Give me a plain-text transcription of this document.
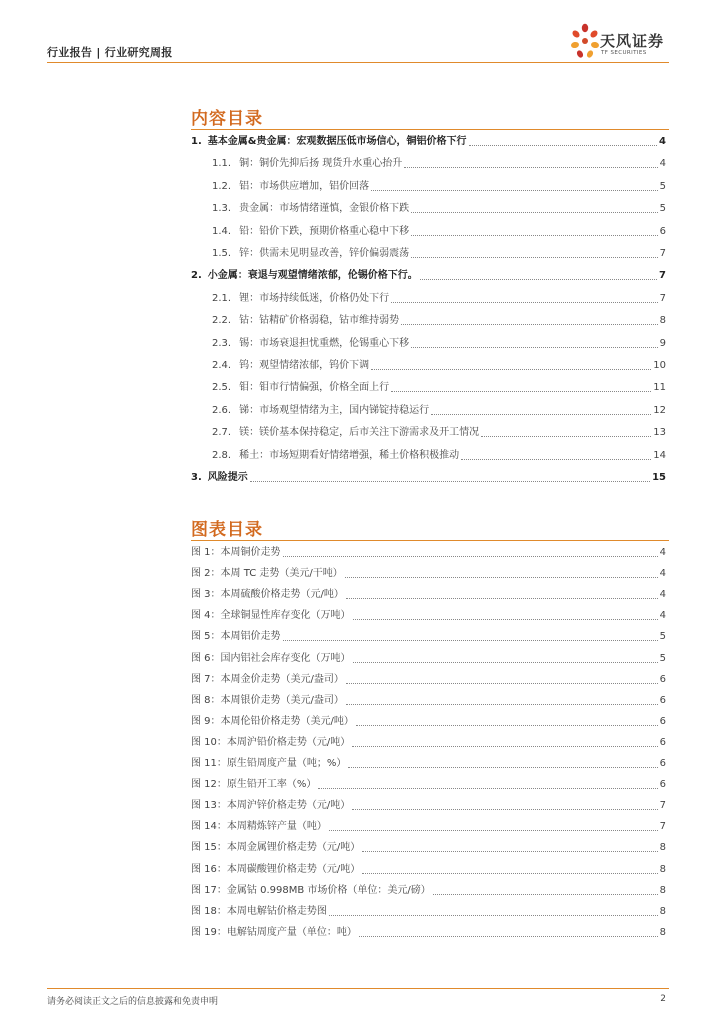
行业报告 | 行业研究周报
天风证券
TF SECURITIES
内容目录
1. 基本金属&贵金属：宏观数据压低市场信心，铜铝价格下行	4
1.1. 铜：铜价先抑后扬 现货升水重心抬升	4
1.2. 铝：市场供应增加，铝价回落	5
1.3. 贵金属：市场情绪谨慎，金银价格下跌	5
1.4. 铅：铅价下跌，预期价格重心稳中下移	6
1.5. 锌：供需未见明显改善，锌价偏弱震荡	7
2. 小金属：衰退与观望情绪浓郁，伦锡价格下行。	7
2.1. 锂：市场持续低迷，价格仍处下行	7
2.2. 钴：钴精矿价格弱稳，钴市维持弱势	8
2.3. 锡：市场衰退担忧重燃，伦锡重心下移	9
2.4. 钨：观望情绪浓郁，钨价下调	10
2.5. 钼：钼市行情偏强，价格全面上行	11
2.6. 锑：市场观望情绪为主，国内锑锭持稳运行	12
2.7. 镁：镁价基本保持稳定，后市关注下游需求及开工情况	13
2.8. 稀土：市场短期看好情绪增强，稀土价格积极推动	14
3. 风险提示	15
图表目录
图 1：本周铜价走势	4
图 2：本周 TC 走势（美元/干吨）	4
图 3：本周硫酸价格走势（元/吨）	4
图 4：全球铜显性库存变化（万吨）	4
图 5：本周铝价走势	5
图 6：国内铝社会库存变化（万吨）	5
图 7：本周金价走势（美元/盎司）	6
图 8：本周银价走势（美元/盎司）	6
图 9：本周伦铅价格走势（美元/吨）	6
图 10：本周沪铅价格走势（元/吨）	6
图 11：原生铅周度产量（吨；%）	6
图 12：原生铅开工率（%）	6
图 13：本周沪锌价格走势（元/吨）	7
图 14：本周精炼锌产量（吨）	7
图 15：本周金属锂价格走势（元/吨）	8
图 16：本周碳酸锂价格走势（元/吨）	8
图 17：金属钴 0.998MB 市场价格（单位：美元/磅）	8
图 18：本周电解钴价格走势图	8
图 19：电解钴周度产量（单位：吨）	8
请务必阅读正文之后的信息披露和免责申明	2
